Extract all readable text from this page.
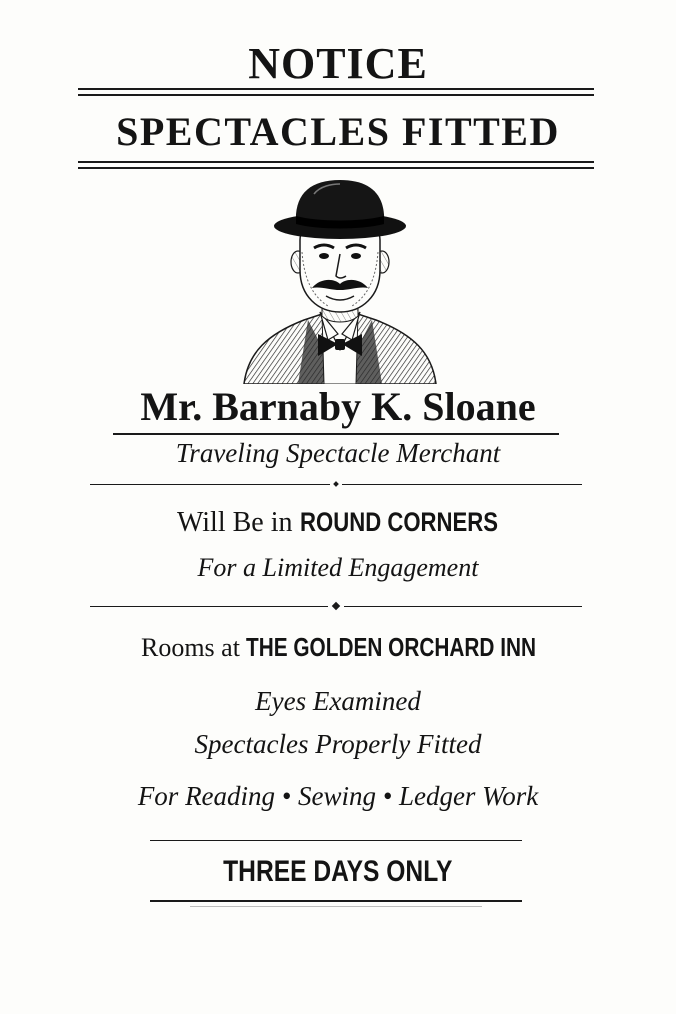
NOTICE
SPECTACLES FITTED
Mr. Barnaby K. Sloane
Traveling Spectacle Merchant
Will Be in ROUND CORNERS
For a Limited Engagement
Rooms at THE GOLDEN ORCHARD INN
Eyes Examined
Spectacles Properly Fitted
For Reading • Sewing • Ledger Work
THREE DAYS ONLY
